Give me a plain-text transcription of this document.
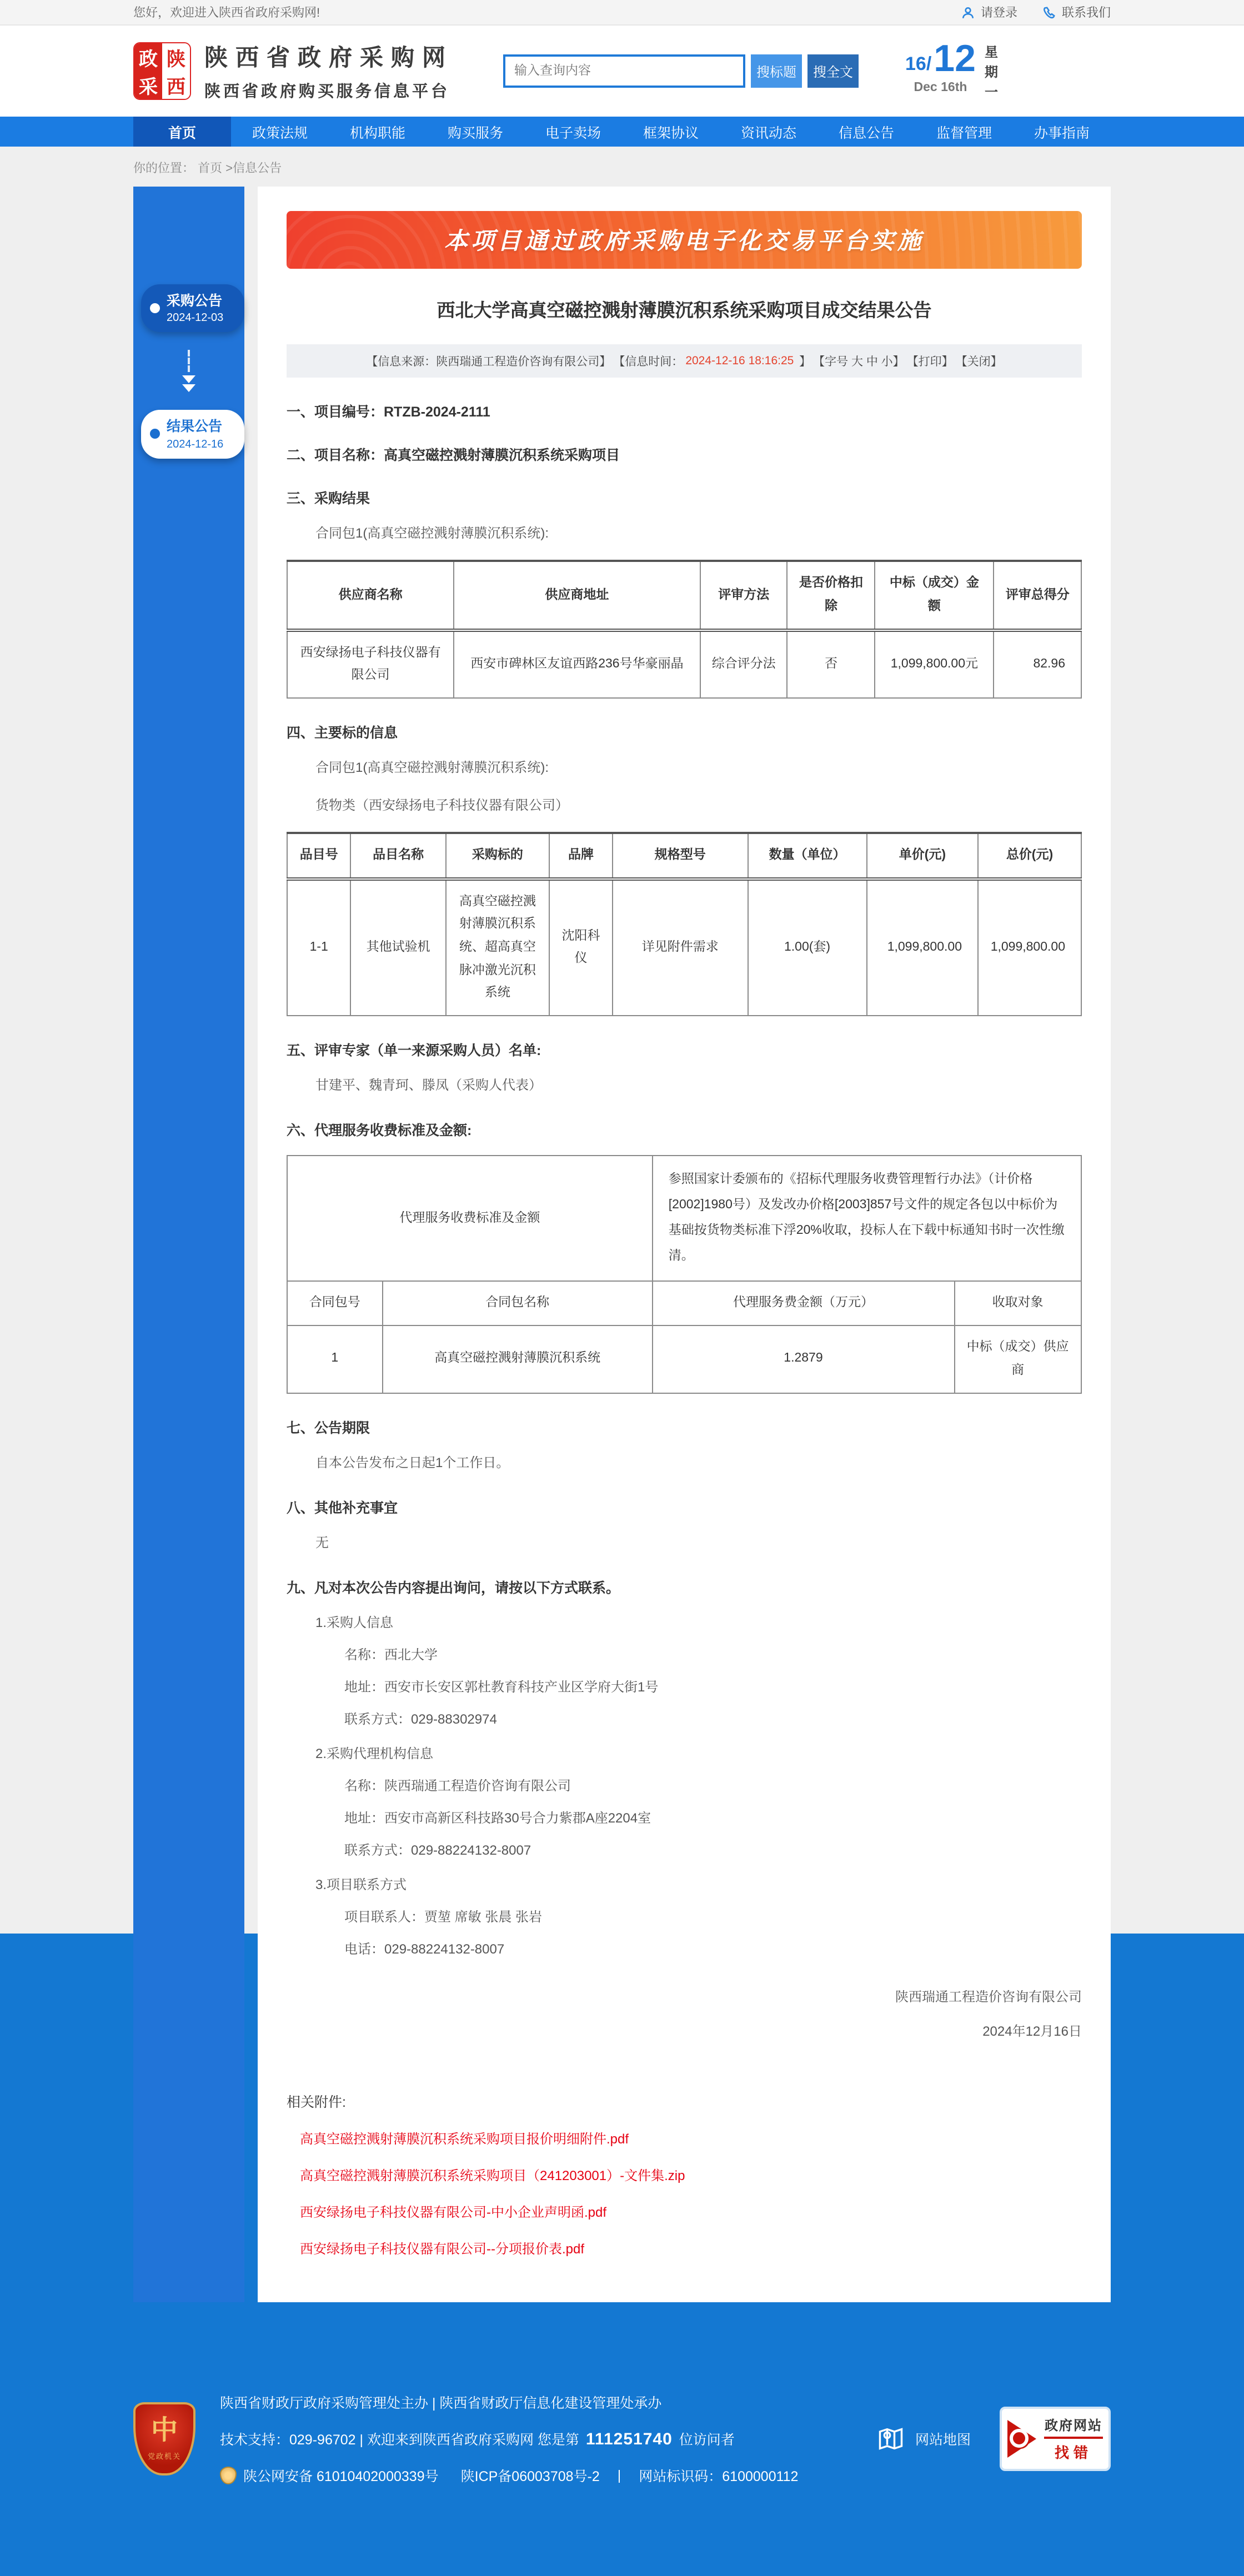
您好，欢迎进入陕西省政府采购网!	请登录	联系我们
政 陕
采 西
陕西省政府采购网
陕西省政府购买服务信息平台
输入查询内容
搜标题	搜全文	16/ 12
Dec 16th
星
期
一
首页	政策法规	机构职能	购买服务	电子卖场	框架协议	资讯动态	信息公告	监督管理	办事指南
你的位置： 首页 >信息公告
采购公告
2024-12-03
结果公告
2024-12-16
本项目通过政府采购电子化交易平台实施
西北大学高真空磁控溅射薄膜沉积系统采购项目成交结果公告
【信息来源：陕西瑞通工程造价咨询有限公司】 【信息时间： 2024-12-16 18:16:25 】 【字号 大 中 小】 【打印】 【关闭】
一、项目编号：RTZB-2024-2111
二、项目名称：高真空磁控溅射薄膜沉积系统采购项目
三、采购结果
合同包1(高真空磁控溅射薄膜沉积系统):
供应商名称	供应商地址	评审方法	是否价格扣除	中标（成交）金额	评审总得分
西安绿扬电子科技仪器有限公司	西安市碑林区友谊西路236号华豪丽晶	综合评分法	否	1,099,800.00元	82.96
四、主要标的信息
合同包1(高真空磁控溅射薄膜沉积系统):
货物类（西安绿扬电子科技仪器有限公司）
品目号	品目名称	采购标的	品牌	规格型号	数量（单位）	单价(元)	总价(元)
1-1	其他试验机	高真空磁控溅射薄膜沉积系统、超高真空脉冲激光沉积系统	沈阳科仪	详见附件需求	1.00(套)	1,099,800.00	1,099,800.00
五、评审专家（单一来源采购人员）名单:
甘建平、魏青珂、滕凤（采购人代表）
六、代理服务收费标准及金额:
代理服务收费标准及金额		参照国家计委颁布的《招标代理服务收费管理暂行办法》（计价格[2002]1980号）及发改办价格[2003]857号文件的规定各包以中标价为基础按货物类标准下浮20%收取，投标人在下载中标通知书时一次性缴清。	
合同包号	合同包名称	代理服务费金额（万元）	收取对象
1	高真空磁控溅射薄膜沉积系统	1.2879	中标（成交）供应商
七、公告期限
自本公告发布之日起1个工作日。
八、其他补充事宜
无
九、凡对本次公告内容提出询问，请按以下方式联系。
1.采购人信息
名称：西北大学
地址：西安市长安区郭杜教育科技产业区学府大街1号
联系方式：029-88302974
2.采购代理机构信息
名称：陕西瑞通工程造价咨询有限公司
地址：西安市高新区科技路30号合力紫郡A座2204室
联系方式：029-88224132-8007
3.项目联系方式
项目联系人：贾堃 席敏 张晨 张岩
电话：029-88224132-8007
陕西瑞通工程造价咨询有限公司
2024年12月16日
相关附件:
高真空磁控溅射薄膜沉积系统采购项目报价明细附件.pdf
高真空磁控溅射薄膜沉积系统采购项目（241203001）-文件集.zip
西安绿扬电子科技仪器有限公司-中小企业声明函.pdf
西安绿扬电子科技仪器有限公司--分项报价表.pdf
中
党政机关
陕西省财政厅政府采购管理处主办 | 陕西省财政厅信息化建设管理处承办
技术支持：029-96702 | 欢迎来到陕西省政府采购网 您是第 111251740 位访问者
陕公网安备 61010402000339号	陕ICP备06003708号-2	|	网站标识码：6100000112
网站地图
政府网站
找错
